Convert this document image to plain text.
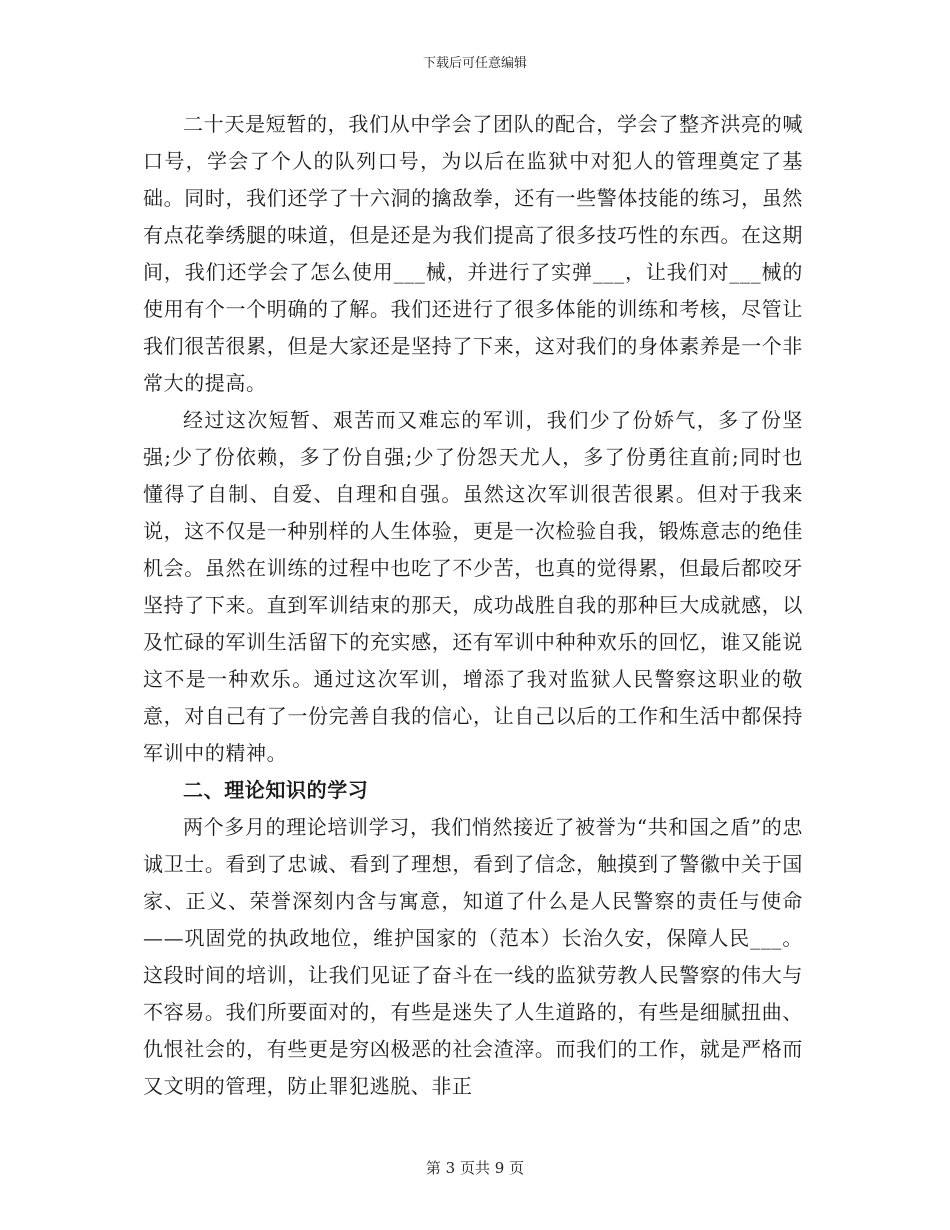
下载后可任意编辑

二十天是短暂的，我们从中学会了团队的配合，学会了整齐洪亮的喊口号，学会了个人的队列口号，为以后在监狱中对犯人的管理奠定了基础。同时，我们还学了十六洞的擒敌拳，还有一些警体技能的练习，虽然有点花拳绣腿的味道，但是还是为我们提高了很多技巧性的东西。在这期间，我们还学会了怎么使用___械，并进行了实弹___，让我们对___械的使用有个一个明确的了解。我们还进行了很多体能的训练和考核，尽管让我们很苦很累，但是大家还是坚持了下来，这对我们的身体素养是一个非常大的提高。

经过这次短暂、艰苦而又难忘的军训，我们少了份娇气，多了份坚强;少了份依赖，多了份自强;少了份怨天尤人，多了份勇往直前;同时也懂得了自制、自爱、自理和自强。虽然这次军训很苦很累。但对于我来说，这不仅是一种别样的人生体验，更是一次检验自我，锻炼意志的绝佳机会。虽然在训练的过程中也吃了不少苦，也真的觉得累，但最后都咬牙坚持了下来。直到军训结束的那天，成功战胜自我的那种巨大成就感，以及忙碌的军训生活留下的充实感，还有军训中种种欢乐的回忆，谁又能说这不是一种欢乐。通过这次军训，增添了我对监狱人民警察这职业的敬意，对自己有了一份完善自我的信心，让自己以后的工作和生活中都保持军训中的精神。

二、理论知识的学习

两个多月的理论培训学习，我们悄然接近了被誉为“共和国之盾”的忠诚卫士。看到了忠诚、看到了理想，看到了信念，触摸到了警徽中关于国家、正义、荣誉深刻内含与寓意，知道了什么是人民警察的责任与使命——巩固党的执政地位，维护国家的（范本）长治久安，保障人民___。这段时间的培训，让我们见证了奋斗在一线的监狱劳教人民警察的伟大与不容易。我们所要面对的，有些是迷失了人生道路的，有些是细腻扭曲、仇恨社会的，有些更是穷凶极恶的社会渣滓。而我们的工作，就是严格而又文明的管理，防止罪犯逃脱、非正

第 3 页共 9 页
